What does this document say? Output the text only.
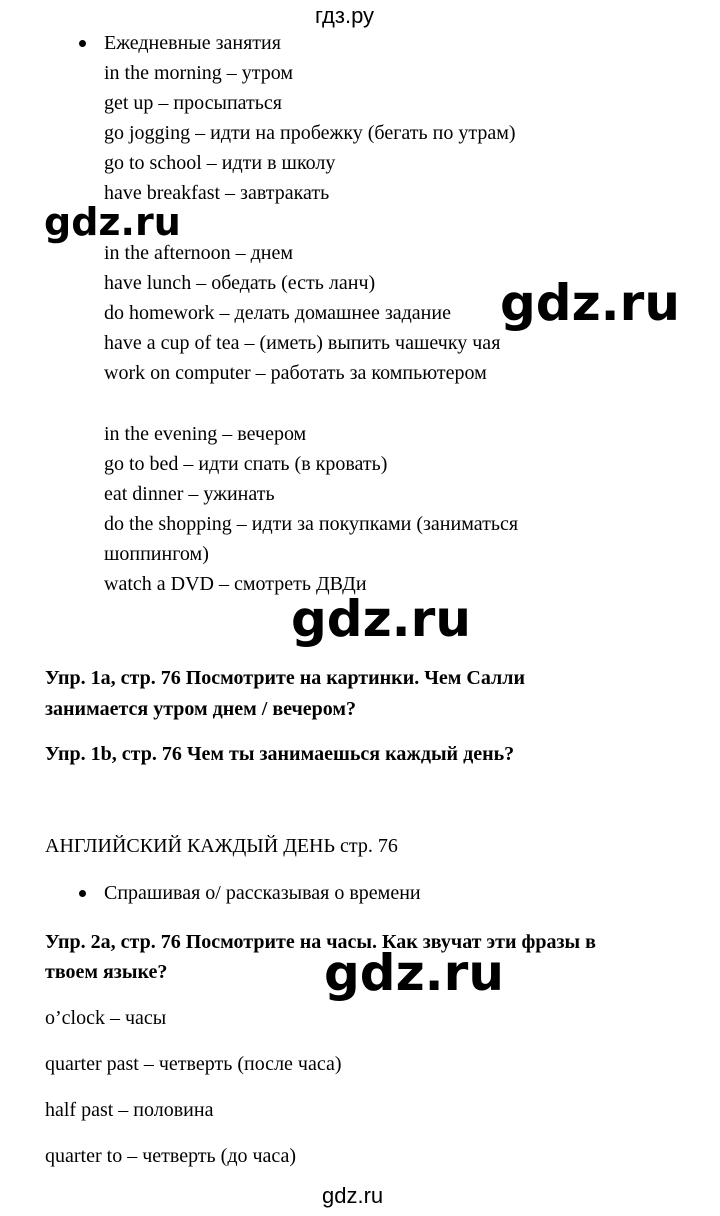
гдз.ру
Ежедневные занятия
in the morning – утром
get up – просыпаться
go jogging – идти на пробежку (бегать по утрам)
go to school – идти в школу
have breakfast – завтракать
in the afternoon – днем
have lunch – обедать (есть ланч)
do homework – делать домашнее задание
have a cup of tea – (иметь) выпить чашечку чая
work on computer – работать за компьютером
in the evening – вечером
go to bed – идти спать (в кровать)
eat dinner – ужинать
do the shopping – идти за покупками (заниматься
шоппингом)
watch a DVD – смотреть ДВДи
Упр. 1a, стр. 76 Посмотрите на картинки. Чем Салли
занимается утром днем / вечером?
Упр. 1b, стр. 76 Чем ты занимаешься каждый день?
АНГЛИЙСКИЙ КАЖДЫЙ ДЕНЬ стр. 76
Спрашивая о/ рассказывая о времени
Упр. 2a, стр. 76 Посмотрите на часы. Как звучат эти фразы в
твоем языке?
o’clock – часы
quarter past – четверть (после часа)
half past – половина
quarter to – четверть (до часа)
gdz.ru
gdz.ru
gdz.ru
gdz.ru
gdz.ru
